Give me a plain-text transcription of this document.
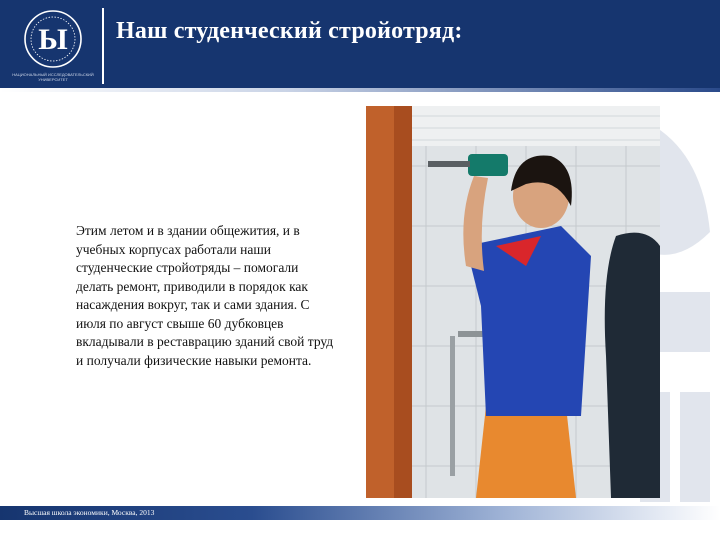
Ы
НАЦИОНАЛЬНЫЙ ИССЛЕДОВАТЕЛЬСКИЙ УНИВЕРСИТЕТ
Наш студенческий стройотряд:
Этим летом и в здании общежития, и в учебных корпусах работали наши студенческие стройотряды – помогали делать ремонт, приводили в порядок как насаждения вокруг, так и сами здания. С июля по август свыше 60 дубковцев вкладывали в реставрацию зданий свой труд и получали физические навыки ремонта.
Высшая школа экономики, Москва, 2013
